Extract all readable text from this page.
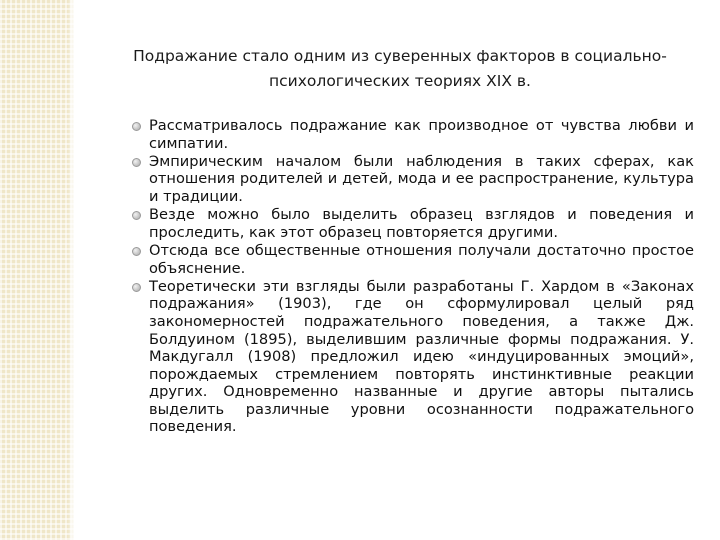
Подражание стало одним из суверенных факторов в социально-психологических теориях XIX в.
Рассматривалось подражание как производное от чувства любви и симпатии.
Эмпирическим началом были наблюдения в таких сферах, как отношения родителей и детей, мода и ее распространение, культура и традиции.
Везде можно было выделить образец взглядов и поведения и проследить, как этот образец повторяется другими.
Отсюда все общественные отношения получали достаточно простое объяснение.
Теоретически эти взгляды были разработаны Г. Хардом в «Законах подражания» (1903), где он сформулировал целый ряд закономерностей подражательного поведения, а также Дж. Болдуином (1895), выделившим различные формы подражания. У. Макдугалл (1908) предложил идею «индуцированных эмоций», порождаемых стремлением повторять инстинктивные реакции других. Одновременно названные и другие авторы пытались выделить различные уровни осознанности подражательного поведения.
